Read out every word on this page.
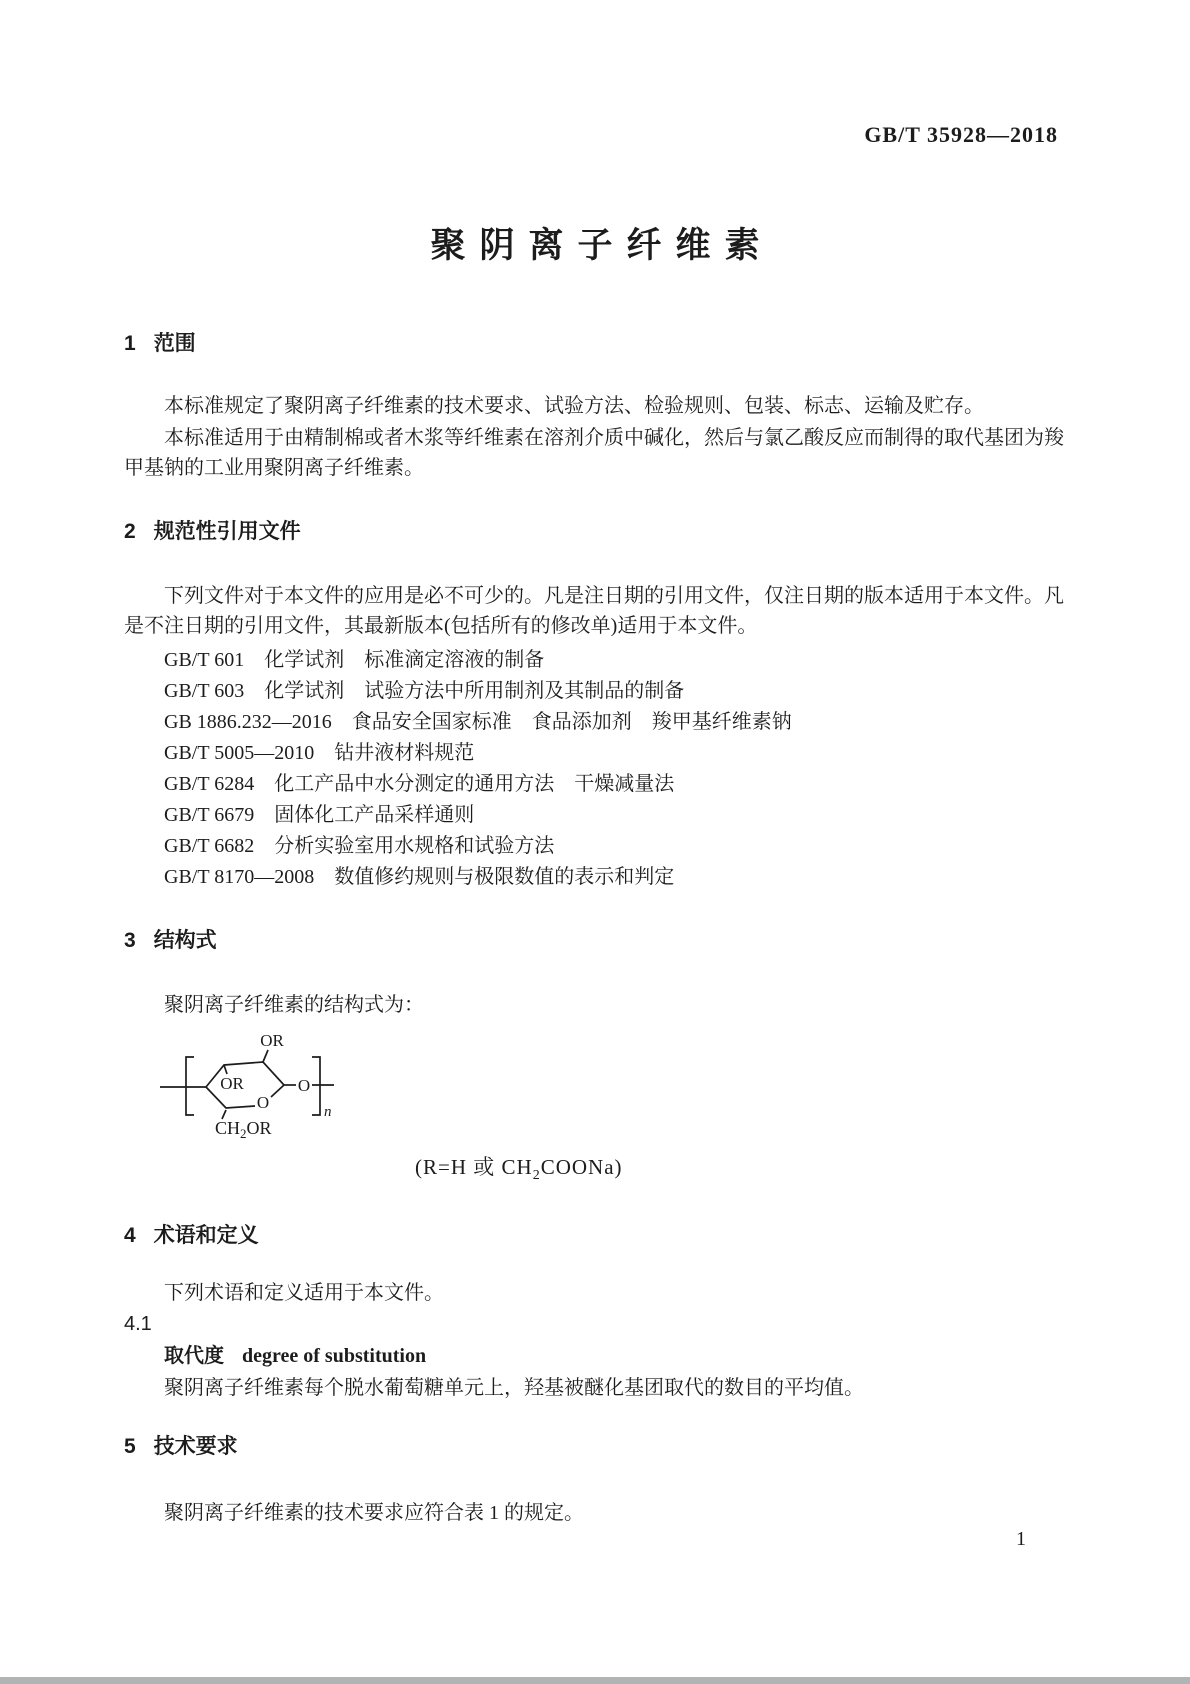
GB/T 35928—2018
聚阴离子纤维素
1 范围
本标准规定了聚阴离子纤维素的技术要求、试验方法、检验规则、包装、标志、运输及贮存。
本标准适用于由精制棉或者木浆等纤维素在溶剂介质中碱化，然后与氯乙酸反应而制得的取代基团为羧甲基钠的工业用聚阴离子纤维素。
2 规范性引用文件
下列文件对于本文件的应用是必不可少的。凡是注日期的引用文件，仅注日期的版本适用于本文件。凡是不注日期的引用文件，其最新版本(包括所有的修改单)适用于本文件。
GB/T 601　化学试剂　标准滴定溶液的制备
GB/T 603　化学试剂　试验方法中所用制剂及其制品的制备
GB 1886.232—2016　食品安全国家标准　食品添加剂　羧甲基纤维素钠
GB/T 5005—2010　钻井液材料规范
GB/T 6284　化工产品中水分测定的通用方法　干燥减量法
GB/T 6679　固体化工产品采样通则
GB/T 6682　分析实验室用水规格和试验方法
GB/T 8170—2008　数值修约规则与极限数值的表示和判定
3 结构式
聚阴离子纤维素的结构式为：
OR
OR
O
O
$CH_2OR$
n
(R=H 或 $CH_2COONa$)
4 术语和定义
下列术语和定义适用于本文件。
4.1
取代度 degree of substitution
聚阴离子纤维素每个脱水葡萄糖单元上，羟基被醚化基团取代的数目的平均值。
5 技术要求
聚阴离子纤维素的技术要求应符合表 1 的规定。
1
